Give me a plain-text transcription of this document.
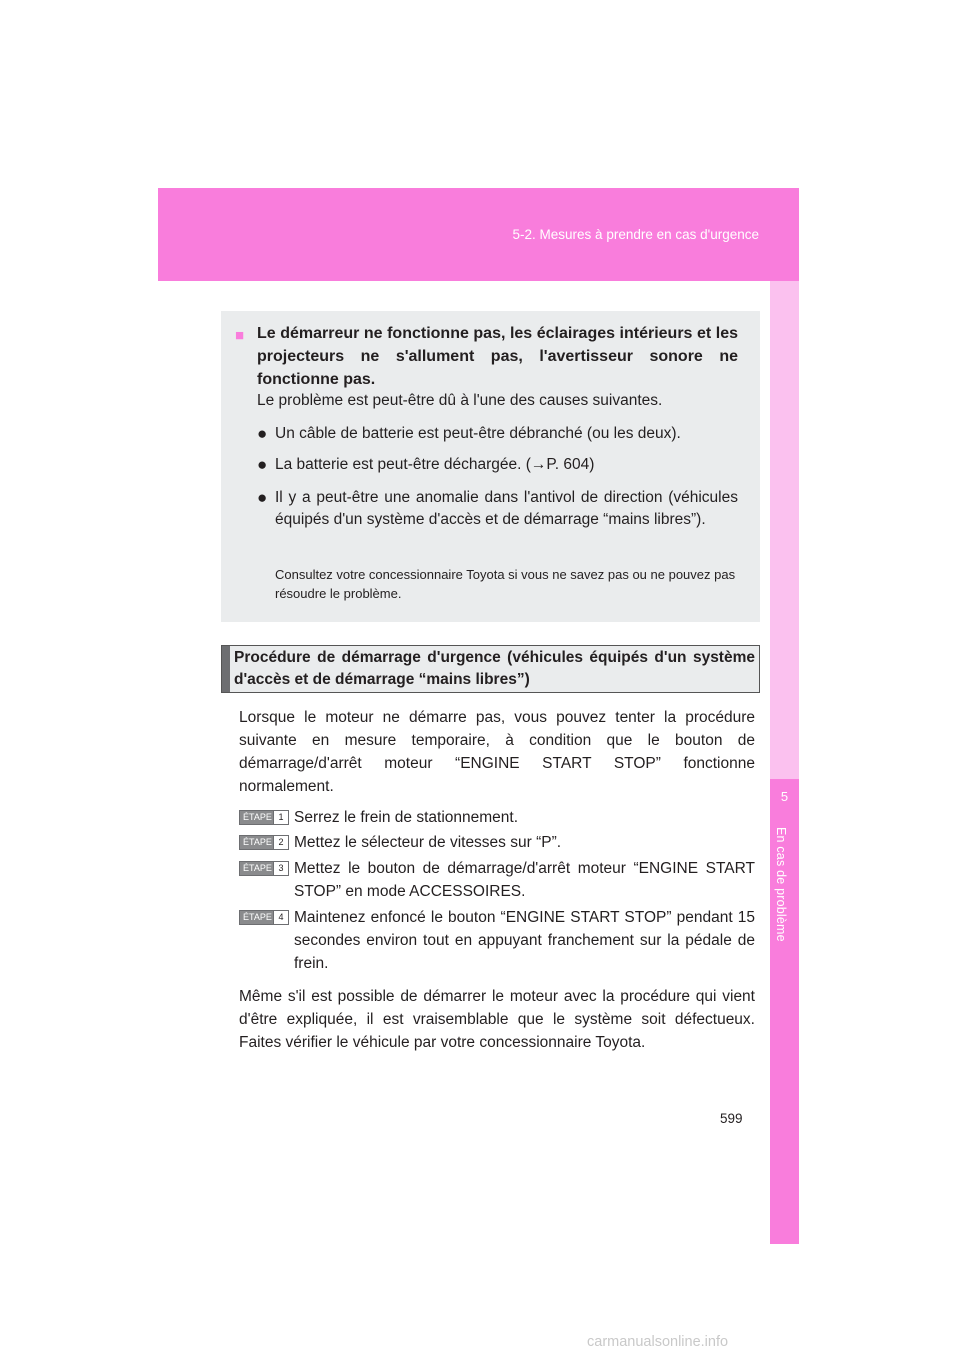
5-2. Mesures à prendre en cas d'urgence
5
En cas de problème
■ Le démarreur ne fonctionne pas, les éclairages intérieurs et les projecteurs ne s'allument pas, l'avertisseur sonore ne fonctionne pas.
Le problème est peut-être dû à l'une des causes suivantes.
● Un câble de batterie est peut-être débranché (ou les deux).
● La batterie est peut-être déchargée. (→P. 604)
● Il y a peut-être une anomalie dans l'antivol de direction (véhicules équipés d'un système d'accès et de démarrage “mains libres”).
Consultez votre concessionnaire Toyota si vous ne savez pas ou ne pouvez pas résoudre le problème.
Procédure de démarrage d'urgence (véhicules équipés d'un système d'accès et de démarrage “mains libres”)
Lorsque le moteur ne démarre pas, vous pouvez tenter la procédure suivante en mesure temporaire, à condition que le bouton de démarrage/d'arrêt moteur “ENGINE START STOP” fonctionne normalement.
ÉTAPE 1 Serrez le frein de stationnement.
ÉTAPE 2 Mettez le sélecteur de vitesses sur “P”.
ÉTAPE 3 Mettez le bouton de démarrage/d'arrêt moteur “ENGINE START STOP” en mode ACCESSOIRES.
ÉTAPE 4 Maintenez enfoncé le bouton “ENGINE START STOP” pendant 15 secondes environ tout en appuyant franchement sur la pédale de frein.
Même s'il est possible de démarrer le moteur avec la procédure qui vient d'être expliquée, il est vraisemblable que le système soit défectueux. Faites vérifier le véhicule par votre concessionnaire Toyota.
599
carmanualsonline.info
